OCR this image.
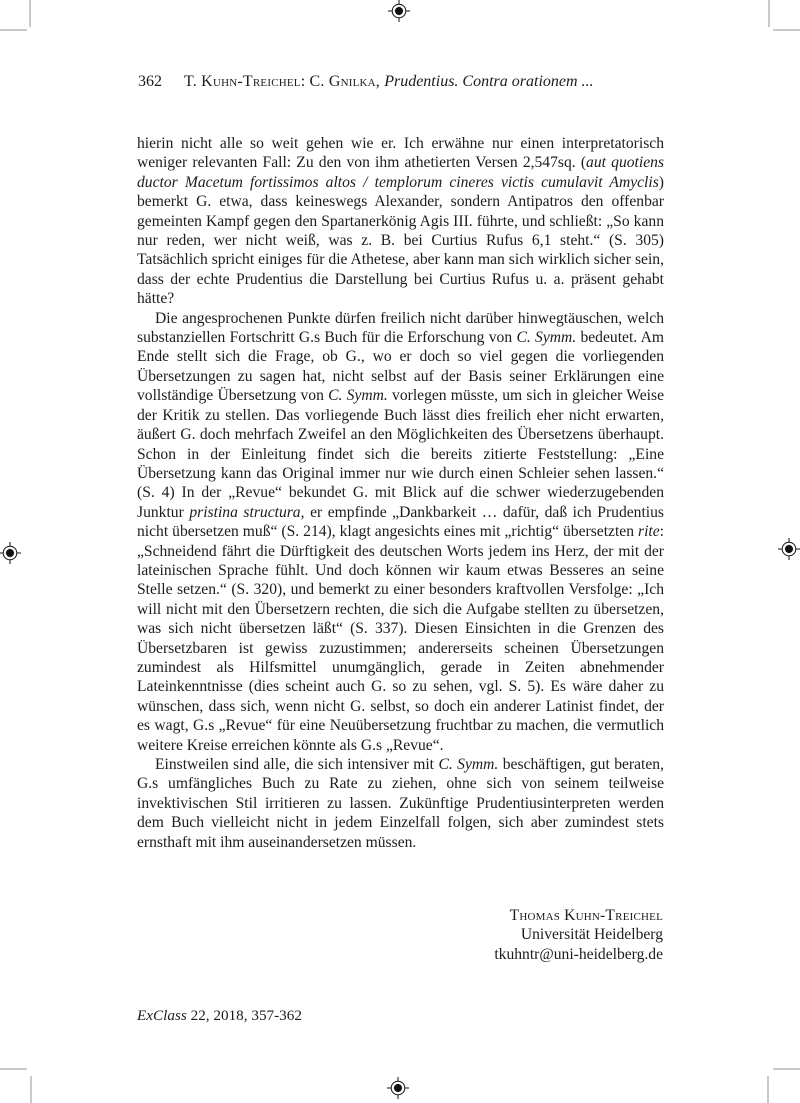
362 T. Kuhn-Treichel: C. Gnilka, Prudentius. Contra orationem ...

hierin nicht alle so weit gehen wie er. Ich erwähne nur einen interpretatorisch weniger relevanten Fall: Zu den von ihm athetierten Versen 2,547sq. (aut quotiens ductor Macetum fortissimos altos / templorum cineres victis cumulavit Amyclis) bemerkt G. etwa, dass keineswegs Alexander, sondern Antipatros den offenbar gemeinten Kampf gegen den Spartanerkönig Agis III. führte, und schließt: „So kann nur reden, wer nicht weiß, was z. B. bei Curtius Rufus 6,1 steht.“ (S. 305) Tatsächlich spricht einiges für die Athetese, aber kann man sich wirklich sicher sein, dass der echte Prudentius die Darstellung bei Curtius Rufus u. a. präsent gehabt hätte?

Die angesprochenen Punkte dürfen freilich nicht darüber hinwegtäuschen, welch substanziellen Fortschritt G.s Buch für die Erforschung von C. Symm. bedeutet. Am Ende stellt sich die Frage, ob G., wo er doch so viel gegen die vorliegenden Übersetzungen zu sagen hat, nicht selbst auf der Basis seiner Erklärungen eine vollständige Übersetzung von C. Symm. vorlegen müsste, um sich in gleicher Weise der Kritik zu stellen. Das vorliegende Buch lässt dies freilich eher nicht erwarten, äußert G. doch mehrfach Zweifel an den Möglichkeiten des Übersetzens überhaupt. Schon in der Einleitung findet sich die bereits zitierte Feststellung: „Eine Übersetzung kann das Original immer nur wie durch einen Schleier sehen lassen.“ (S. 4) In der „Revue“ bekundet G. mit Blick auf die schwer wiederzugebenden Junktur pristina structura, er empfinde „Dankbarkeit … dafür, daß ich Prudentius nicht übersetzen muß“ (S. 214), klagt angesichts eines mit „richtig“ übersetzten rite: „Schneidend fährt die Dürftigkeit des deutschen Worts jedem ins Herz, der mit der lateinischen Sprache fühlt. Und doch können wir kaum etwas Besseres an seine Stelle setzen.“ (S. 320), und bemerkt zu einer besonders kraftvollen Versfolge: „Ich will nicht mit den Übersetzern rechten, die sich die Aufgabe stellten zu übersetzen, was sich nicht übersetzen läßt“ (S. 337). Diesen Einsichten in die Grenzen des Übersetzbaren ist gewiss zuzustimmen; andererseits scheinen Übersetzungen zumindest als Hilfsmittel unumgänglich, gerade in Zeiten abnehmender Lateinkenntnisse (dies scheint auch G. so zu sehen, vgl. S. 5). Es wäre daher zu wünschen, dass sich, wenn nicht G. selbst, so doch ein anderer Latinist findet, der es wagt, G.s „Revue“ für eine Neuübersetzung fruchtbar zu machen, die vermutlich weitere Kreise erreichen könnte als G.s „Revue“.

Einstweilen sind alle, die sich intensiver mit C. Symm. beschäftigen, gut beraten, G.s umfängliches Buch zu Rate zu ziehen, ohne sich von seinem teilweise invektivischen Stil irritieren zu lassen. Zukünftige Prudentiusinterpreten werden dem Buch vielleicht nicht in jedem Einzelfall folgen, sich aber zumindest stets ernsthaft mit ihm auseinandersetzen müssen.

Thomas Kuhn-Treichel
Universität Heidelberg
tkuhntr@uni-heidelberg.de
ExClass 22, 2018, 357-362
